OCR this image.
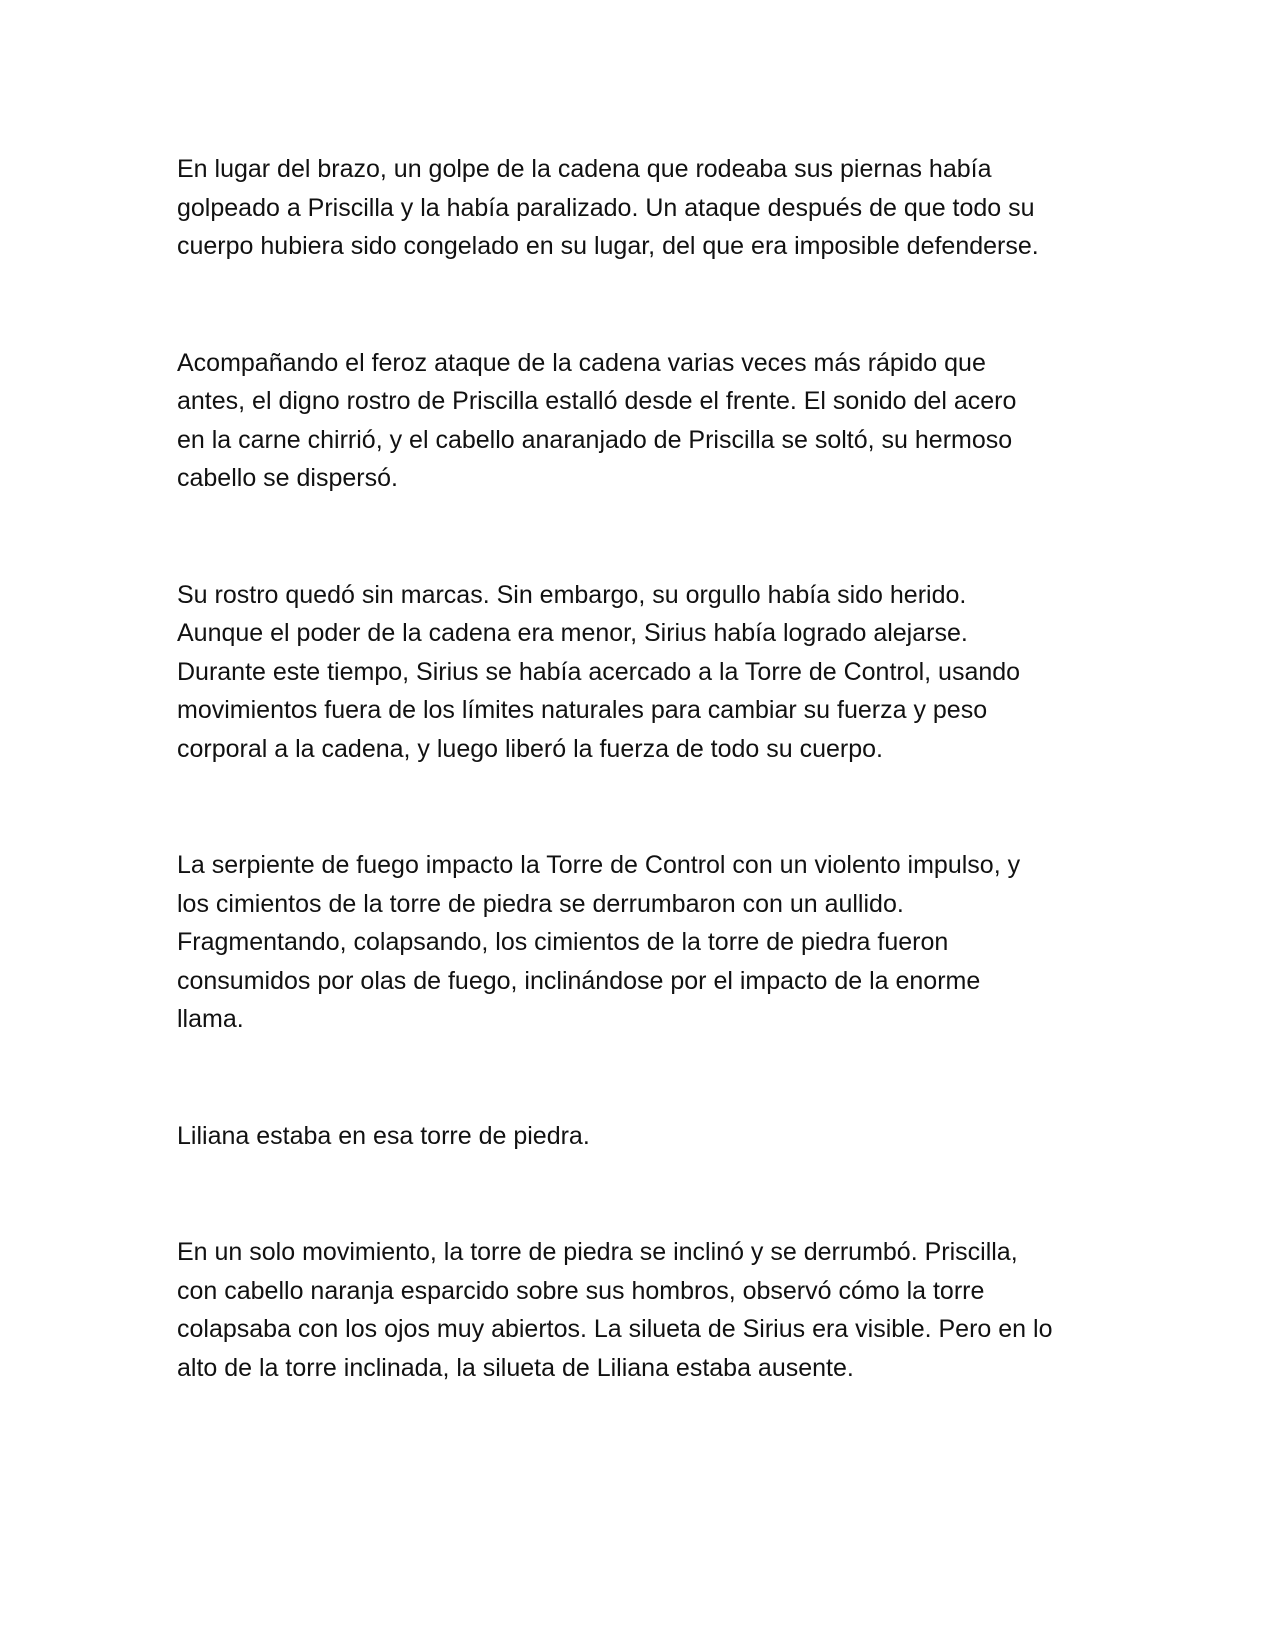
En lugar del brazo, un golpe de la cadena que rodeaba sus piernas había
golpeado a Priscilla y la había paralizado. Un ataque después de que todo su
cuerpo hubiera sido congelado en su lugar, del que era imposible defenderse.

Acompañando el feroz ataque de la cadena varias veces más rápido que
antes, el digno rostro de Priscilla estalló desde el frente. El sonido del acero
en la carne chirrió, y el cabello anaranjado de Priscilla se soltó, su hermoso
cabello se dispersó.

Su rostro quedó sin marcas. Sin embargo, su orgullo había sido herido.
Aunque el poder de la cadena era menor, Sirius había logrado alejarse.
Durante este tiempo, Sirius se había acercado a la Torre de Control, usando
movimientos fuera de los límites naturales para cambiar su fuerza y peso
corporal a la cadena, y luego liberó la fuerza de todo su cuerpo.

La serpiente de fuego impacto la Torre de Control con un violento impulso, y
los cimientos de la torre de piedra se derrumbaron con un aullido.
Fragmentando, colapsando, los cimientos de la torre de piedra fueron
consumidos por olas de fuego, inclinándose por el impacto de la enorme
llama.

Liliana estaba en esa torre de piedra.

En un solo movimiento, la torre de piedra se inclinó y se derrumbó. Priscilla,
con cabello naranja esparcido sobre sus hombros, observó cómo la torre
colapsaba con los ojos muy abiertos. La silueta de Sirius era visible. Pero en lo
alto de la torre inclinada, la silueta de Liliana estaba ausente.
